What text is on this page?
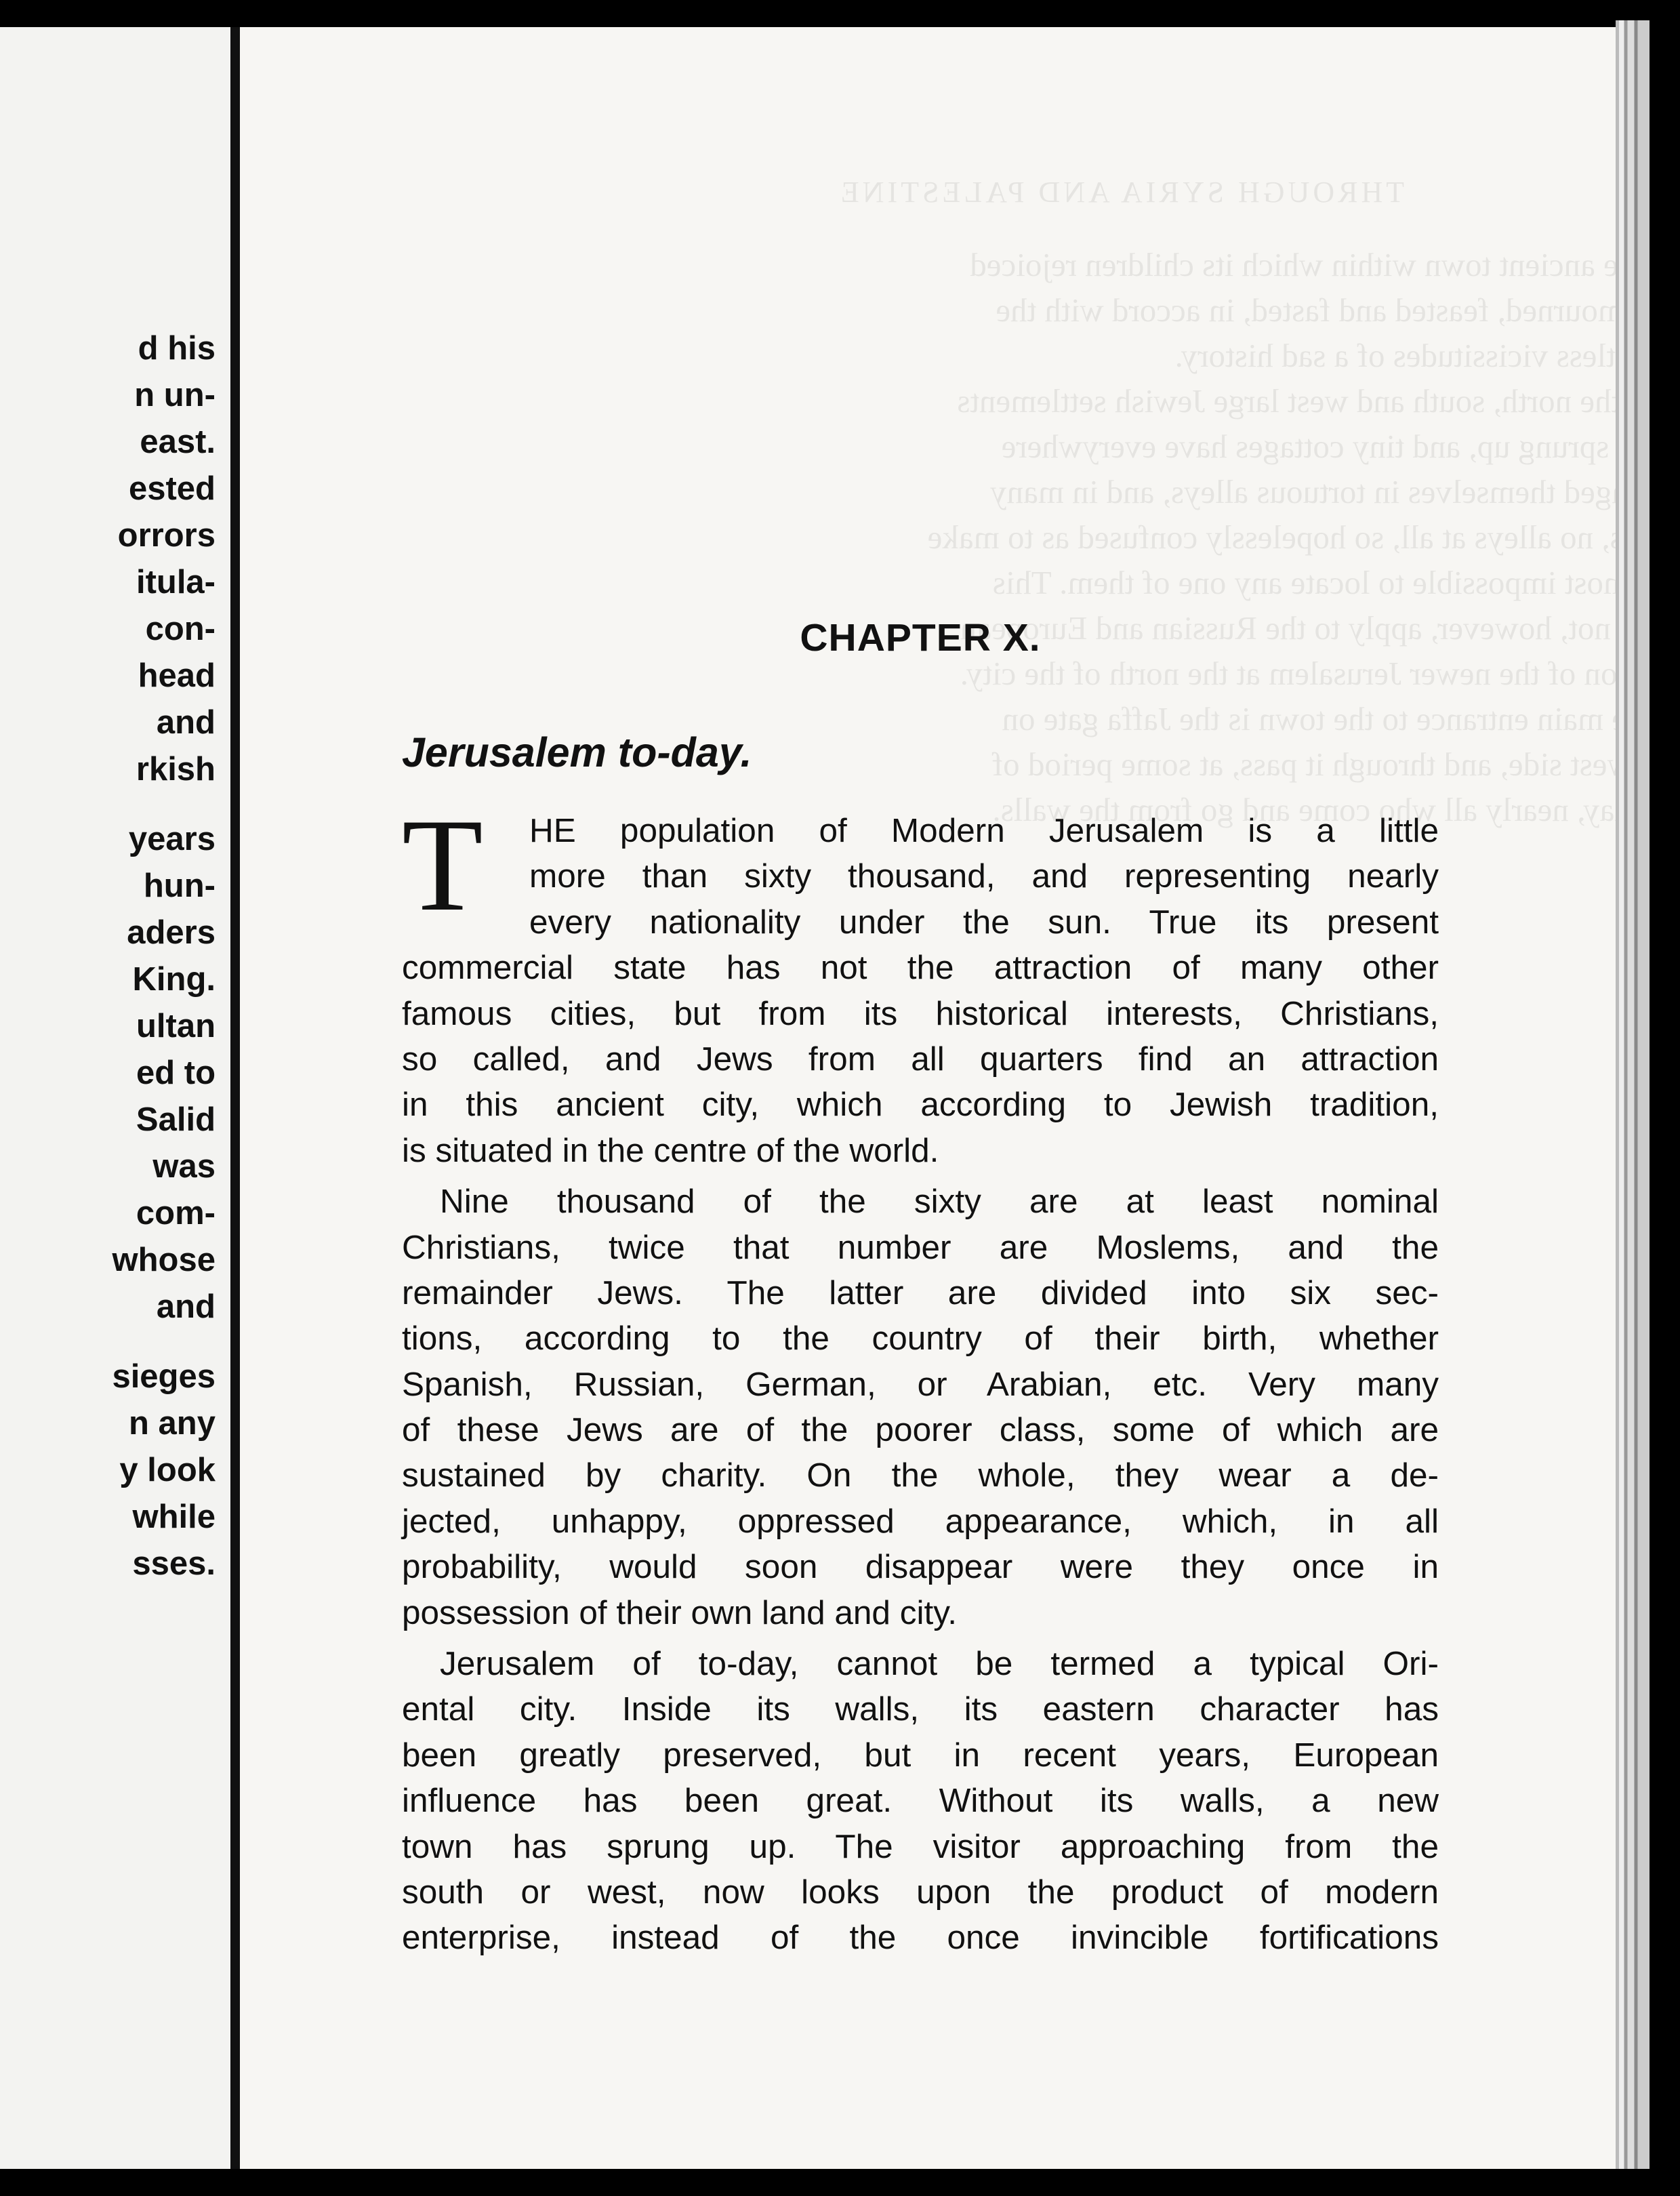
d his
n un-
east.
ested
orrors
itula-
con-
head
and
rkish
years
hun-
aders
King.
ultan
ed to
Salid
was
com-
whose
and
sieges
n any
y look
while
sses.
THROUGH SYRIA AND PALESTINE
of the ancient town within which its children rejoiced
and mourned, feasted and fasted, in accord with the
countless vicissitudes of a sad history.
To the north, south and west large Jewish settlements
have sprung up, and tiny cottages have everywhere
arranged themselves in tortuous alleys, and in many
cases, no alleys at all, so hopelessly confused as to make
it almost impossible to locate any one of them. This
does not, however, apply to the Russian and European
portion of the newer Jerusalem at the north of the city.
The main entrance to the town is the Jaffa gate on
the west side, and through it pass, at some period of
the day, nearly all who come and go from the walls.
CHAPTER X.
Jerusalem to-day.
T	HE population of Modern Jerusalem is a little
more than sixty thousand, and representing nearly
every nationality under the sun. True its present
commercial state has not the attraction of many other
famous cities, but from its historical interests, Christians,
so called, and Jews from all quarters find an attraction
in this ancient city, which according to Jewish tradition,
is situated in the centre of the world.
Nine thousand of the sixty are at least nominal
Christians, twice that number are Moslems, and the
remainder Jews. The latter are divided into six sec-
tions, according to the country of their birth, whether
Spanish, Russian, German, or Arabian, etc. Very many
of these Jews are of the poorer class, some of which are
sustained by charity. On the whole, they wear a de-
jected, unhappy, oppressed appearance, which, in all
probability, would soon disappear were they once in
possession of their own land and city.
Jerusalem of to-day, cannot be termed a typical Ori-
ental city. Inside its walls, its eastern character has
been greatly preserved, but in recent years, European
influence has been great. Without its walls, a new
town has sprung up. The visitor approaching from the
south or west, now looks upon the product of modern
enterprise, instead of the once invincible fortifications
